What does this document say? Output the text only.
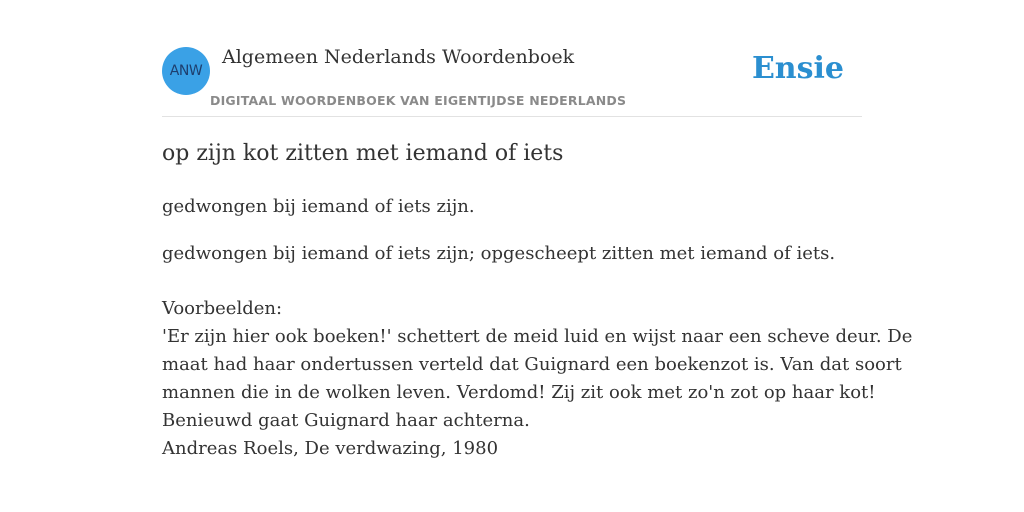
ANW
Algemeen Nederlands Woordenboek
DIGITAAL WOORDENBOEK VAN EIGENTIJDSE NEDERLANDS
Ensie
op zijn kot zitten met iemand of iets
gedwongen bij iemand of iets zijn.
gedwongen bij iemand of iets zijn; opgescheept zitten met iemand of iets.
Voorbeelden:
'Er zijn hier ook boeken!' schettert de meid luid en wijst naar een scheve deur. De
maat had haar ondertussen verteld dat Guignard een boekenzot is. Van dat soort
mannen die in de wolken leven. Verdomd! Zij zit ook met zo'n zot op haar kot!
Benieuwd gaat Guignard haar achterna.
Andreas Roels, De verdwazing, 1980
